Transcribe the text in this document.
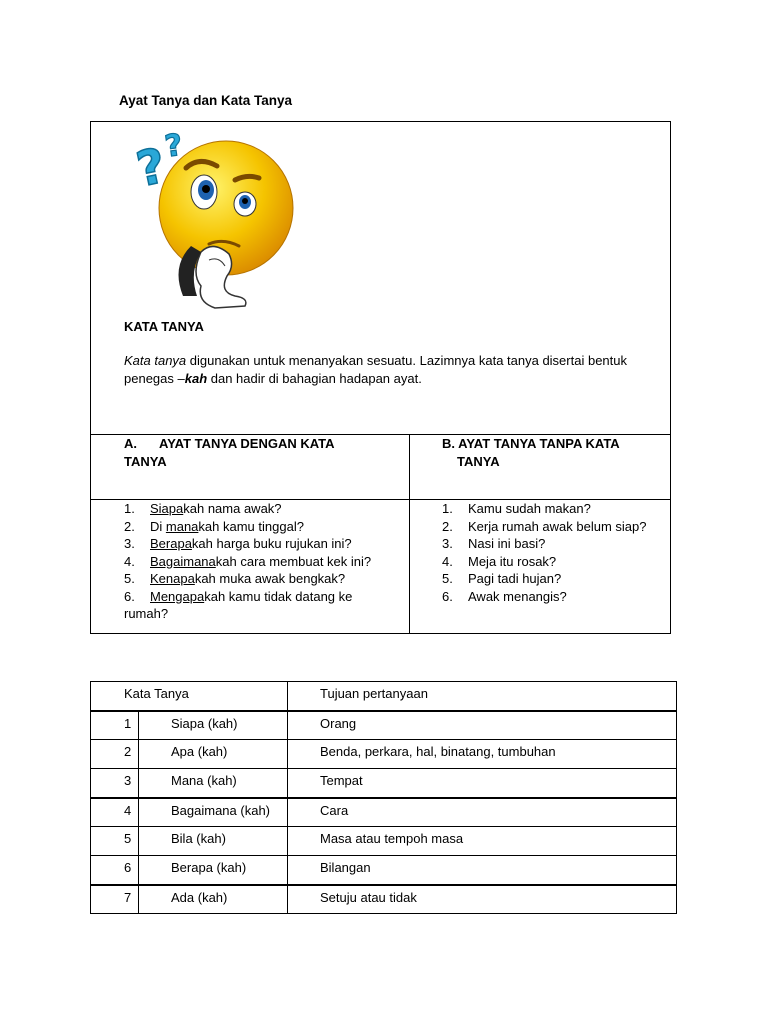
Ayat Tanya dan Kata Tanya
?
?
KATA TANYA
Kata tanya digunakan untuk menanyakan sesuatu. Lazimnya kata tanya disertai bentuk penegas –kah dan hadir di bahagian hadapan ayat.
A. AYAT TANYA DENGAN KATA
TANYA
B. AYAT TANYA TANPA KATA
TANYA
1. Siapakah nama awak?
2. Di manakah kamu tinggal?
3. Berapakah harga buku rujukan ini?
4. Bagaimanakah cara membuat kek ini?
5. Kenapakah muka awak bengkak?
6. Mengapakah kamu tidak datang ke
rumah?
1. Kamu sudah makan?
2. Kerja rumah awak belum siap?
3. Nasi ini basi?
4. Meja itu rosak?
5. Pagi tadi hujan?
6. Awak menangis?
Kata Tanya		Tujuan pertanyaan

1	Siapa (kah)	Orang

2	Apa (kah)	Benda, perkara, hal, binatang, tumbuhan

3	Mana (kah)	Tempat

4	Bagaimana (kah)	Cara

5	Bila (kah)	Masa atau tempoh masa

6	Berapa (kah)	Bilangan

7	Ada (kah)	Setuju atau tidak
